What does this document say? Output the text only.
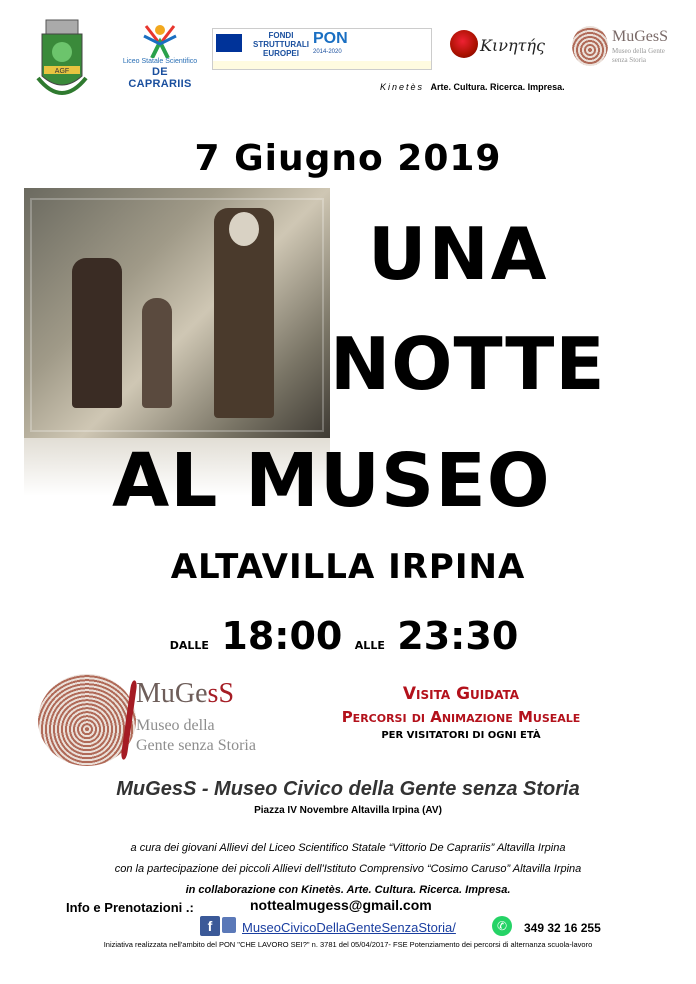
AGF
Liceo Statale Scientifico
DE CAPRARIIS
FONDI STRUTTURALI EUROPEI
PON
2014-2020	Κινητής	MuGesS
Museo della Gente senza Storia
Kinetès Arte. Cultura. Ricerca. Impresa.
7 Giugno 2019
UNA
NOTTE
AL MUSEO
ALTAVILLA IRPINA
DALLE 18:00 ALLE 23:30
MuGesS
Museo della
Gente senza Storia
Visita Guidata
Percorsi di Animazione Museale
PER VISITATORI DI OGNI ETÀ
MuGesS - Museo Civico della Gente senza Storia
Piazza IV Novembre Altavilla Irpina (AV)
a cura dei giovani Allievi del Liceo Scientifico Statale “Vittorio De Caprariis” Altavilla Irpina
con la partecipazione dei piccoli Allievi dell'Istituto Comprensivo “Cosimo Caruso” Altavilla Irpina
in collaborazione con Kinetès. Arte. Cultura. Ricerca. Impresa.
Info e Prenotazioni .:	nottealmugess@gmail.com
f	MuseoCivicoDellaGenteSenzaStoria/	✆	349 32 16 255
Iniziativa realizzata nell'ambito del PON "CHE LAVORO SEI?" n. 3781 del 05/04/2017- FSE Potenziamento dei percorsi di alternanza scuola-lavoro
